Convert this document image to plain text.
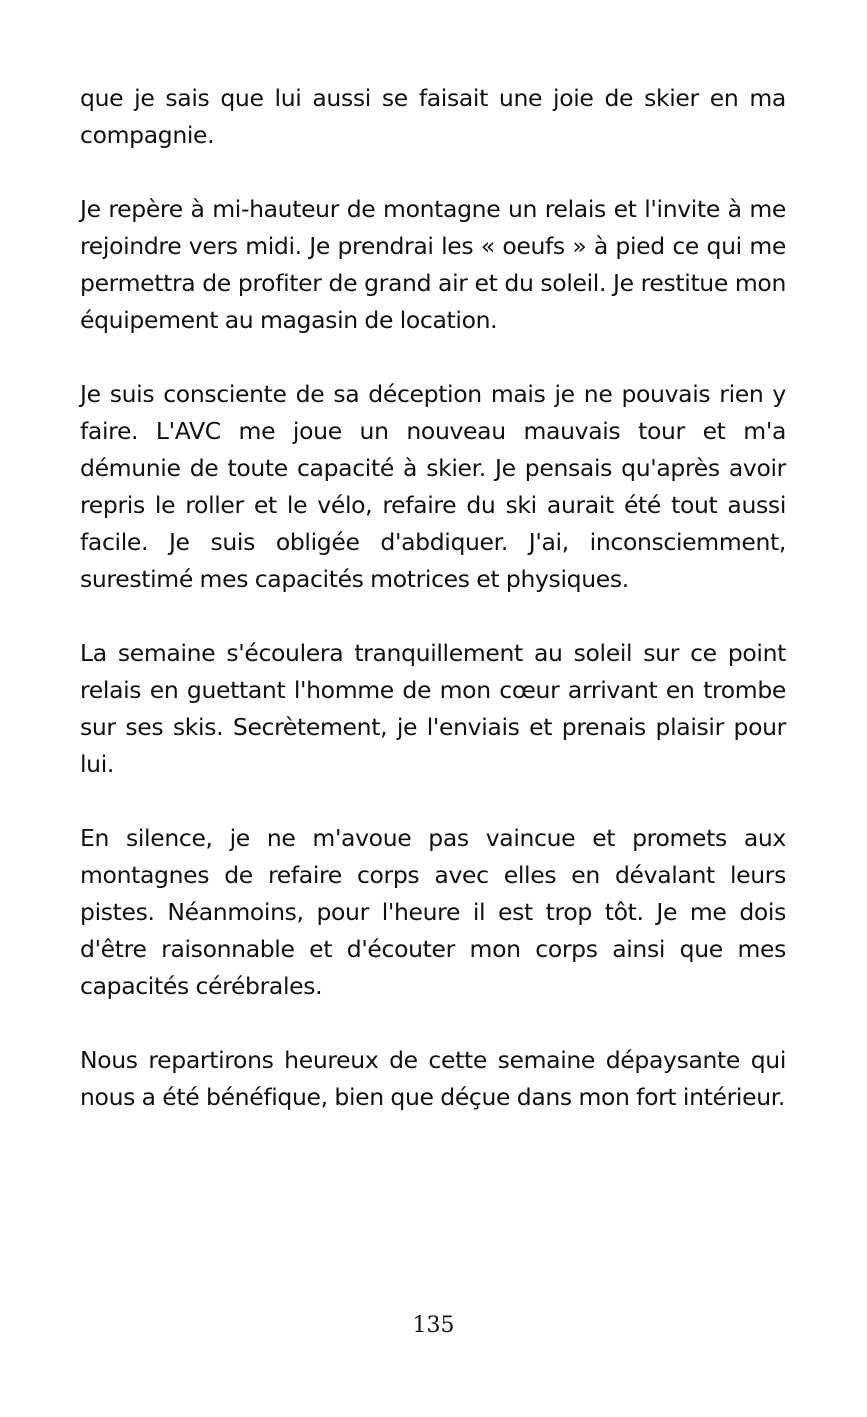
que je sais que lui aussi se faisait une joie de skier en ma compagnie.

Je repère à mi-hauteur de montagne un relais et l'invite à me rejoindre vers midi. Je prendrai les « oeufs » à pied ce qui me permettra de profiter de grand air et du soleil. Je restitue mon équipement au magasin de location.

Je suis consciente de sa déception mais je ne pouvais rien y faire. L'AVC me joue un nouveau mauvais tour et m'a démunie de toute capacité à skier. Je pensais qu'après avoir repris le roller et le vélo, refaire du ski aurait été tout aussi facile. Je suis obligée d'abdiquer. J'ai, inconsciemment, surestimé mes capacités motrices et physiques.

La semaine s'écoulera tranquillement au soleil sur ce point relais en guettant l'homme de mon cœur arrivant en trombe sur ses skis. Secrètement, je l'enviais et prenais plaisir pour lui.

En silence, je ne m'avoue pas vaincue et promets aux montagnes de refaire corps avec elles en dévalant leurs pistes. Néanmoins, pour l'heure il est trop tôt. Je me dois d'être raisonnable et d'écouter mon corps ainsi que mes capacités cérébrales.

Nous repartirons heureux de cette semaine dépaysante qui nous a été bénéfique, bien que déçue dans mon fort intérieur.

135
